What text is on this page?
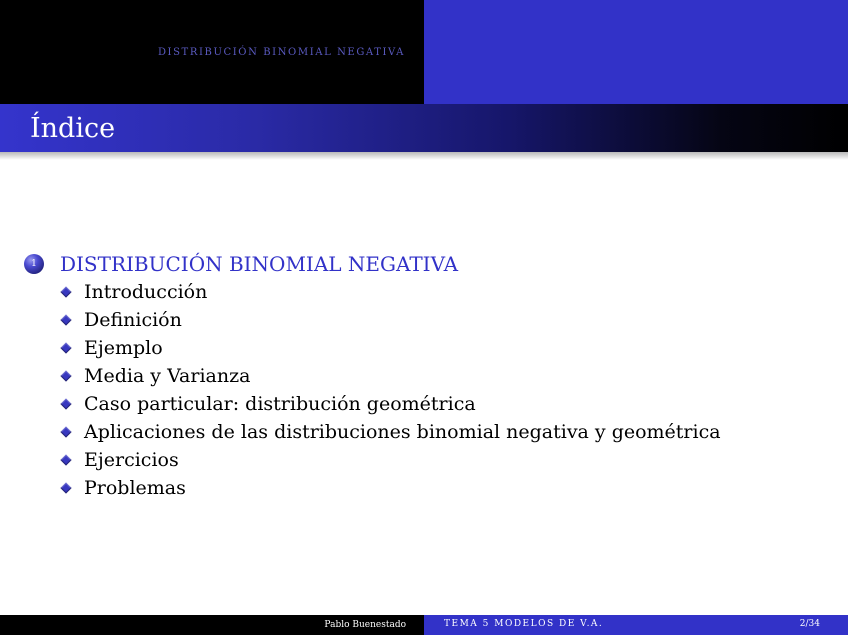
DISTRIBUCIÓN BINOMIAL NEGATIVA
Índice
1 DISTRIBUCIÓN BINOMIAL NEGATIVA
Introducción
Definición
Ejemplo
Media y Varianza
Caso particular: distribución geométrica
Aplicaciones de las distribuciones binomial negativa y geométrica
Ejercicios
Problemas
Pablo Buenestado	TEMA 5 MODELOS DE V.A.	2/34
